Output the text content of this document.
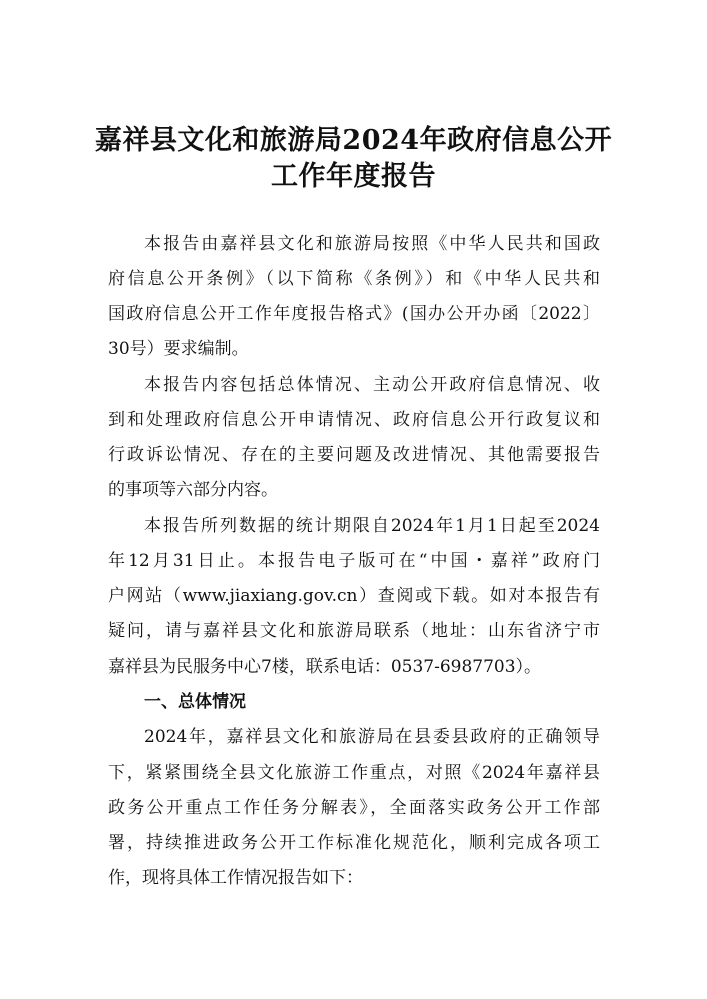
嘉祥县文化和旅游局2024年政府信息公开
工作年度报告
本报告由嘉祥县文化和旅游局按照《中华人民共和国政
府信息公开条例》（以下简称《条例》）和《中华人民共和
国政府信息公开工作年度报告格式》(国办公开办函〔2022〕
30号）要求编制。
本报告内容包括总体情况、主动公开政府信息情况、收
到和处理政府信息公开申请情况、政府信息公开行政复议和
行政诉讼情况、存在的主要问题及改进情况、其他需要报告
的事项等六部分内容。
本报告所列数据的统计期限自2024年1月1日起至2024
年12月31日止。本报告电子版可在“中国・嘉祥”政府门
户网站（www.jiaxiang.gov.cn）查阅或下载。如对本报告有
疑问，请与嘉祥县文化和旅游局联系（地址：山东省济宁市
嘉祥县为民服务中心7楼，联系电话：0537-6987703）。
一、总体情况
2024年，嘉祥县文化和旅游局在县委县政府的正确领导
下，紧紧围绕全县文化旅游工作重点，对照《2024年嘉祥县
政务公开重点工作任务分解表》，全面落实政务公开工作部
署，持续推进政务公开工作标准化规范化，顺利完成各项工
作，现将具体工作情况报告如下：
